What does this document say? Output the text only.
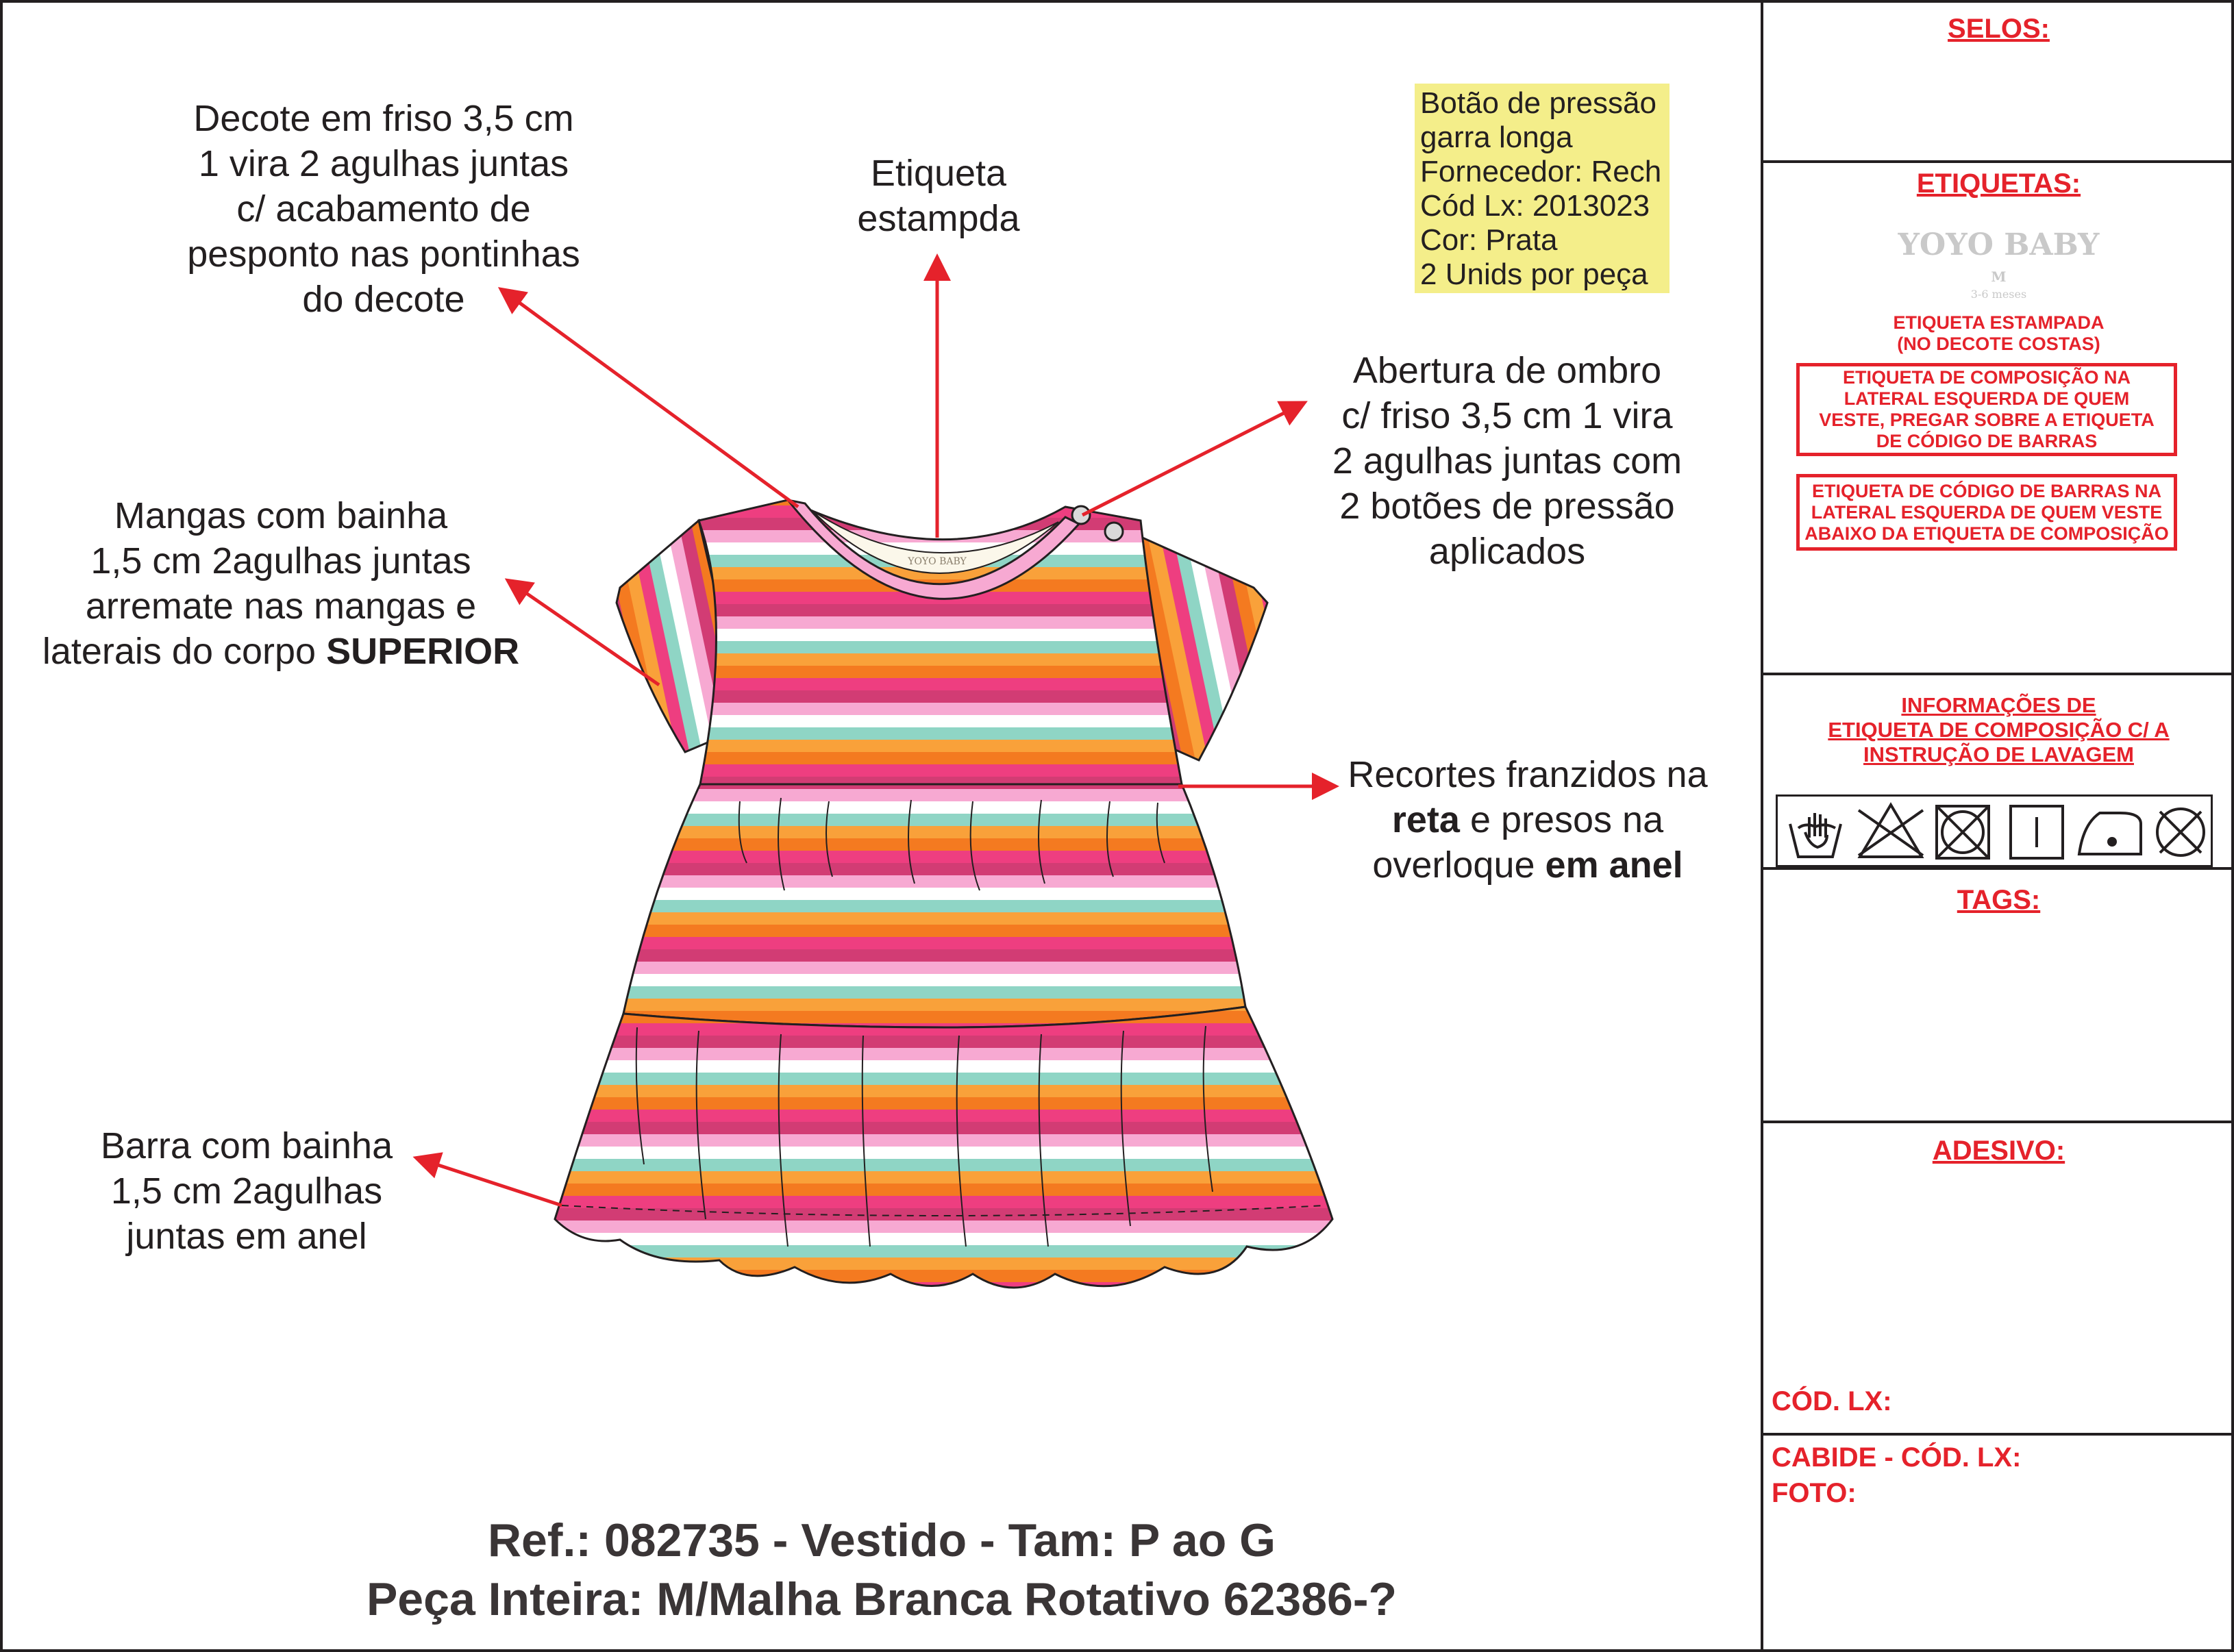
YOYO BABY
Decote em friso 3,5 cm
1 vira 2 agulhas juntas
c/ acabamento de
pesponto nas pontinhas
do decote
Etiqueta
estampda
Abertura de ombro
c/ friso 3,5 cm 1 vira
2 agulhas juntas com
2 botões de pressão
aplicados
Mangas com bainha
1,5 cm 2agulhas juntas
arremate nas mangas e
laterais do corpo SUPERIOR
Recortes franzidos na
reta e presos na
overloque em anel
Barra com bainha
1,5 cm 2agulhas
juntas em anel
Botão de pressão
garra longa
Fornecedor: Rech
Cód Lx: 2013023
Cor: Prata
2 Unids por peça
Ref.: 082735 - Vestido - Tam: P ao G
Peça Inteira: M/Malha Branca Rotativo 62386-?
SELOS:
ETIQUETAS:
YOYO BABY
M
3-6 meses
ETIQUETA ESTAMPADA
(NO DECOTE COSTAS)
ETIQUETA DE COMPOSIÇÃO NA
LATERAL ESQUERDA DE QUEM
VESTE, PREGAR SOBRE A ETIQUETA
DE CÓDIGO DE BARRAS
ETIQUETA DE CÓDIGO DE BARRAS NA
LATERAL ESQUERDA DE QUEM VESTE
ABAIXO DA ETIQUETA DE COMPOSIÇÃO
INFORMAÇÕES DE
ETIQUETA DE COMPOSIÇÃO C/ A
INSTRUÇÃO DE LAVAGEM
TAGS:
ADESIVO:
CÓD. LX:
CABIDE - CÓD. LX:
FOTO:
